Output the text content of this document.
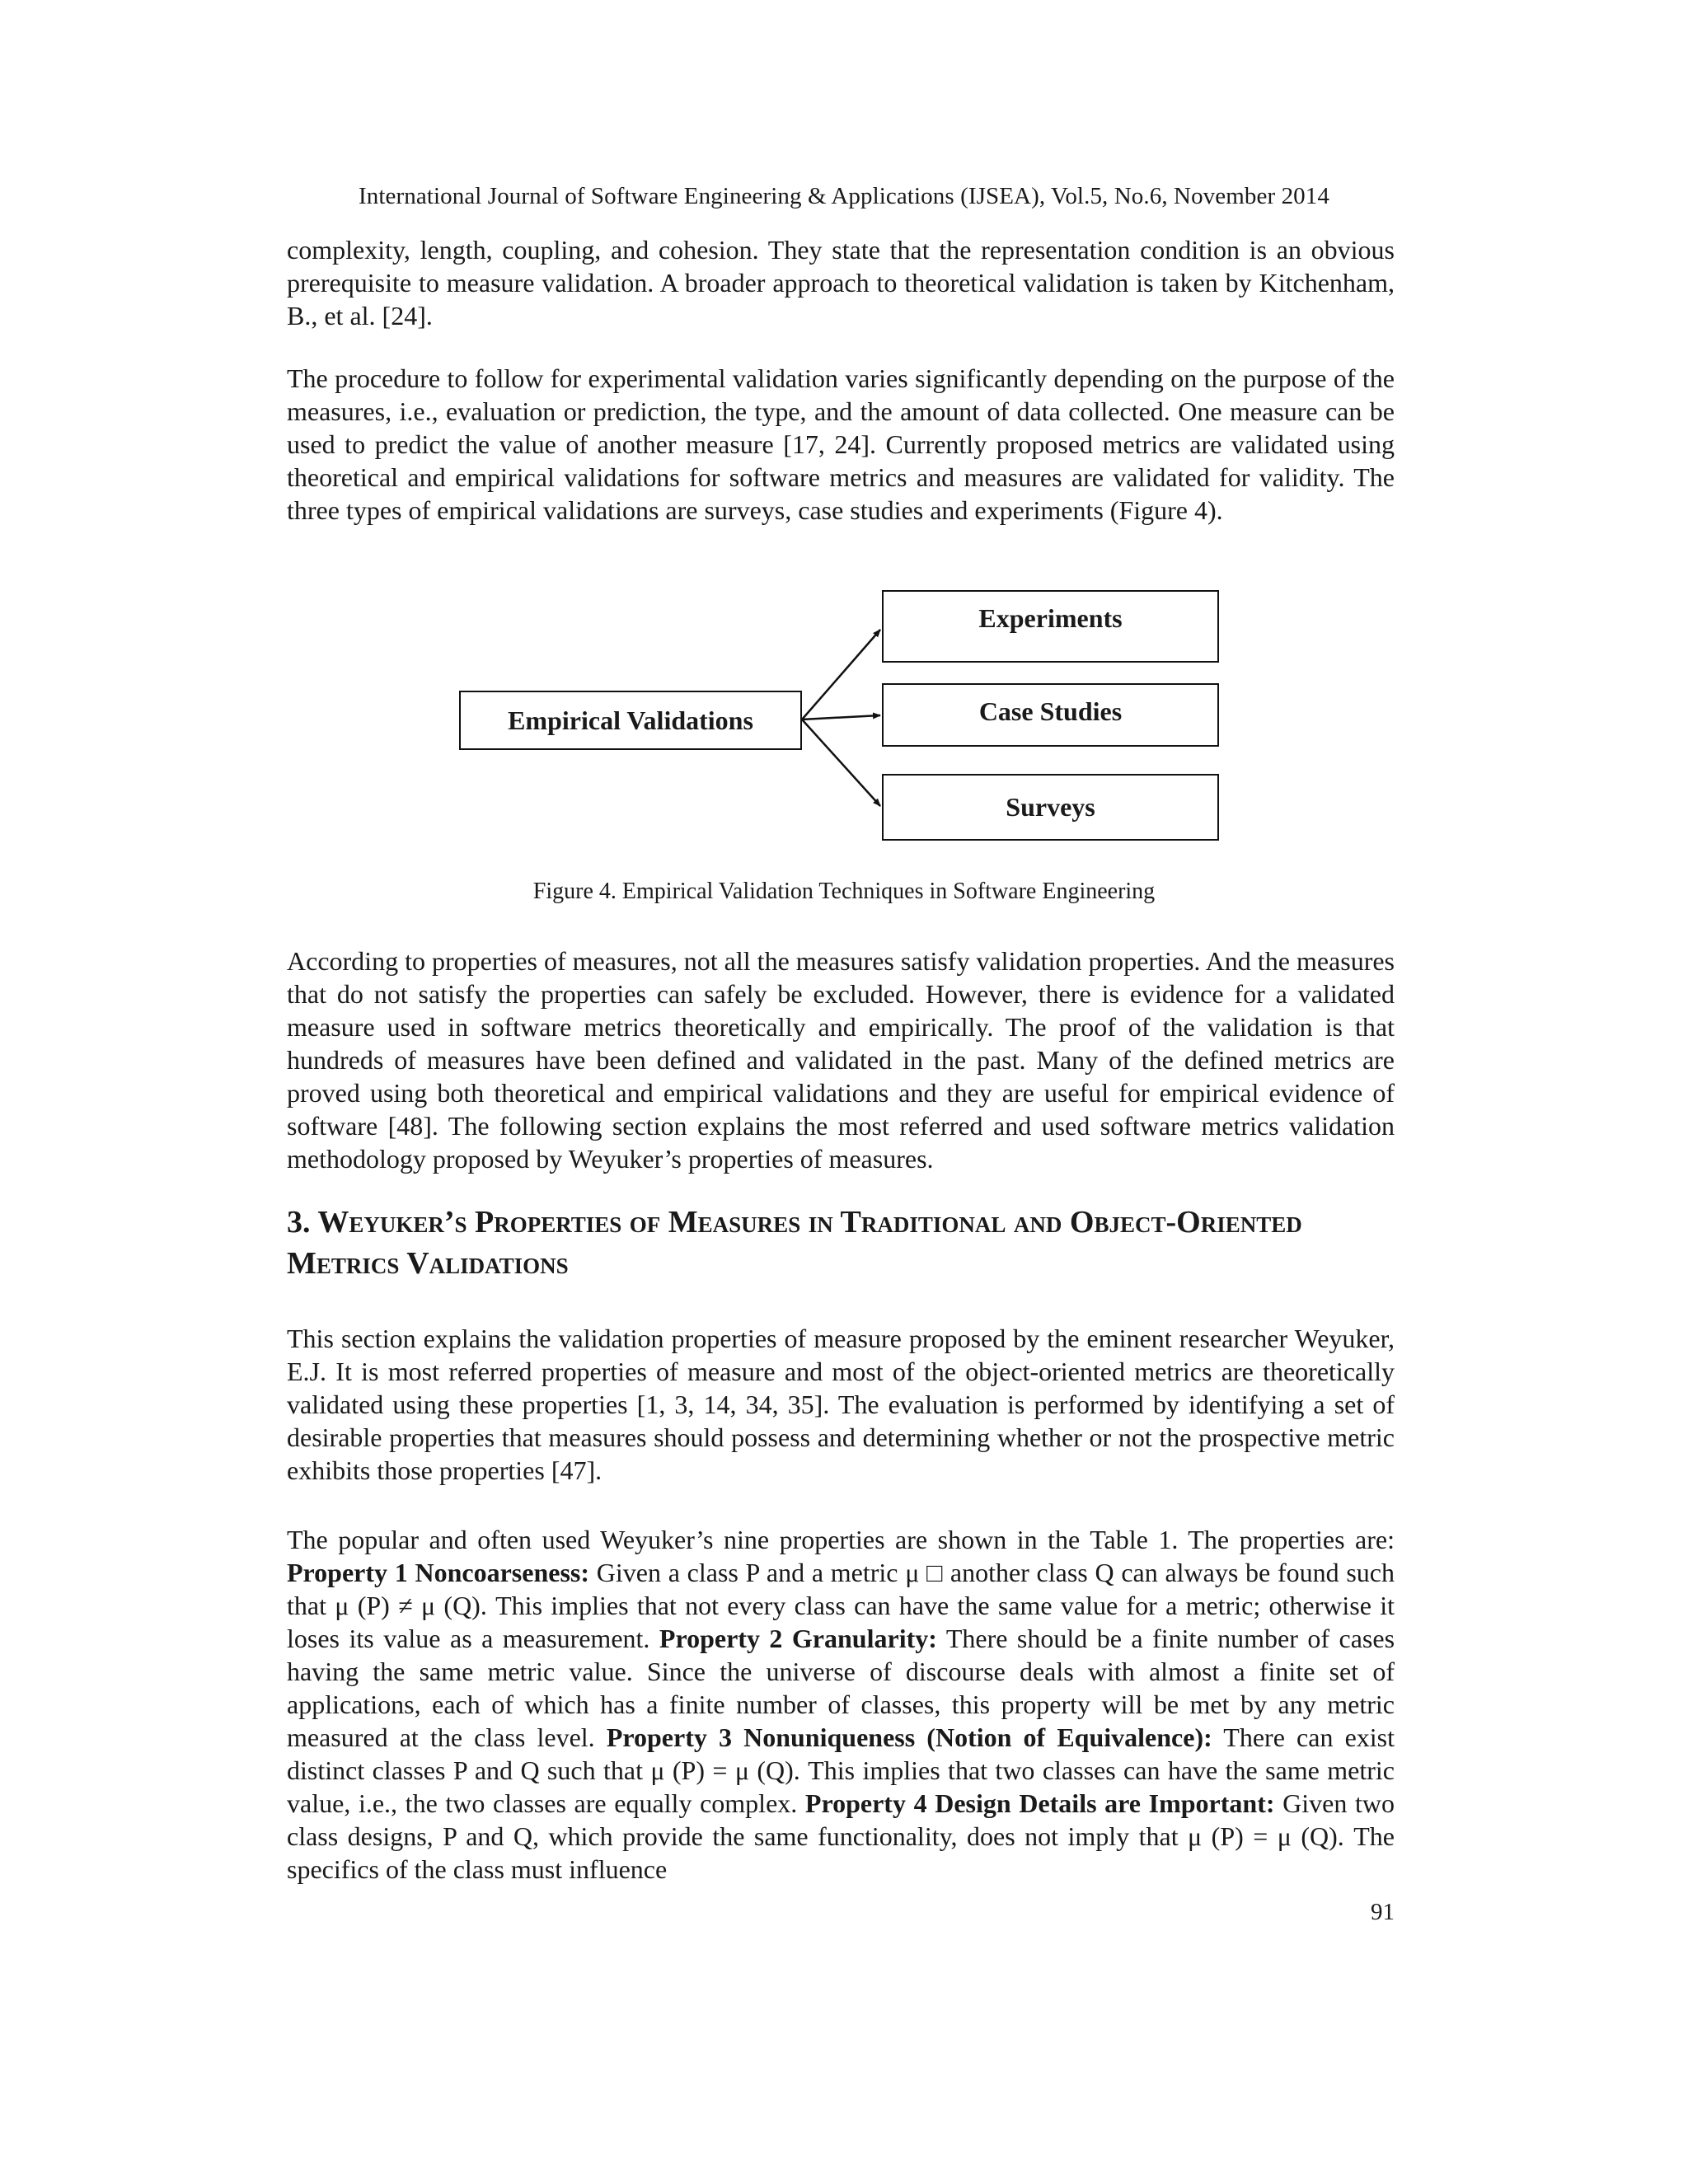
International Journal of Software Engineering & Applications (IJSEA), Vol.5, No.6, November 2014

complexity, length, coupling, and cohesion. They state that the representation condition is an obvious prerequisite to measure validation. A broader approach to theoretical validation is taken by Kitchenham, B., et al. [24].

The procedure to follow for experimental validation varies significantly depending on the purpose of the measures, i.e., evaluation or prediction, the type, and the amount of data collected. One measure can be used to predict the value of another measure [17, 24]. Currently proposed metrics are validated using theoretical and empirical validations for software metrics and measures are validated for validity. The three types of empirical validations are surveys, case studies and experiments (Figure 4).

Empirical Validations
Experiments
Case Studies
Surveys
Figure 4. Empirical Validation Techniques in Software Engineering

According to properties of measures, not all the measures satisfy validation properties. And the measures that do not satisfy the properties can safely be excluded. However, there is evidence for a validated measure used in software metrics theoretically and empirically. The proof of the validation is that hundreds of measures have been defined and validated in the past. Many of the defined metrics are proved using both theoretical and empirical validations and they are useful for empirical evidence of software [48]. The following section explains the most referred and used software metrics validation methodology proposed by Weyuker’s properties of measures.

3. Weyuker’s Properties of Measures in Traditional and Object-Oriented Metrics Validations

This section explains the validation properties of measure proposed by the eminent researcher Weyuker, E.J. It is most referred properties of measure and most of the object-oriented metrics are theoretically validated using these properties [1, 3, 14, 34, 35]. The evaluation is performed by identifying a set of desirable properties that measures should possess and determining whether or not the prospective metric exhibits those properties [47].

The popular and often used Weyuker’s nine properties are shown in the Table 1. The properties are: Property 1 Noncoarseness: Given a class P and a metric μ □ another class Q can always be found such that μ (P) ≠ μ (Q). This implies that not every class can have the same value for a metric; otherwise it loses its value as a measurement. Property 2 Granularity: There should be a finite number of cases having the same metric value. Since the universe of discourse deals with almost a finite set of applications, each of which has a finite number of classes, this property will be met by any metric measured at the class level. Property 3 Nonuniqueness (Notion of Equivalence): There can exist distinct classes P and Q such that μ (P) = μ (Q). This implies that two classes can have the same metric value, i.e., the two classes are equally complex. Property 4 Design Details are Important: Given two class designs, P and Q, which provide the same functionality, does not imply that μ (P) = μ (Q). The specifics of the class must influence

91
